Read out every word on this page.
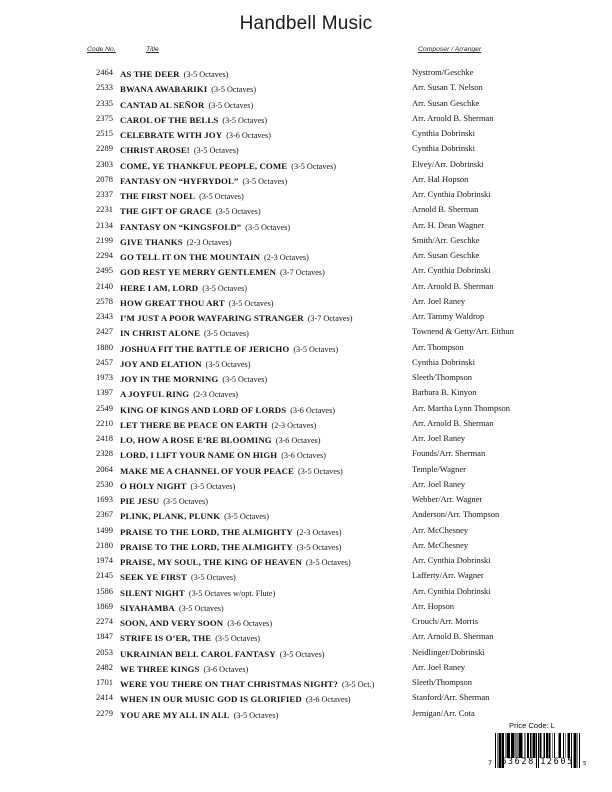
Handbell Music
Code No.	Title	Composer / Arranger
2464 AS THE DEER (3-5 Octaves)	Nystrom/Geschke
2533 BWANA AWABARIKI (3-5 Octaves)	Arr. Susan T. Nelson
2335 CANTAD AL SEÑOR (3-5 Octaves)	Arr. Susan Geschke
2375 CAROL OF THE BELLS (3-5 Octaves)	Arr. Arnold B. Sherman
2515 CELEBRATE WITH JOY (3-6 Octaves)	Cynthia Dobrinski
2289 CHRIST AROSE! (3-5 Octaves)	Cynthia Dobrinski
2303 COME, YE THANKFUL PEOPLE, COME (3-5 Octaves)	Elvey/Arr. Dobrinski
2078 FANTASY ON “HYFRYDOL” (3-5 Octaves)	Arr. Hal Hopson
2337 THE FIRST NOEL (3-5 Octaves)	Arr. Cynthia Dobrinski
2231 THE GIFT OF GRACE (3-5 Octaves)	Arnold B. Sherman
2134 FANTASY ON “KINGSFOLD” (3-5 Octaves)	Arr. H. Dean Wagner
2199 GIVE THANKS (2-3 Octaves)	Smith/Arr. Geschke
2294 GO TELL IT ON THE MOUNTAIN (2-3 Octaves)	Arr. Susan Geschke
2495 GOD REST YE MERRY GENTLEMEN (3-7 Octaves)	Arr. Cynthia Dobrinski
2140 HERE I AM, LORD (3-5 Octaves)	Arr. Arnold B. Sherman
2578 HOW GREAT THOU ART (3-5 Octaves)	Arr. Joel Raney
2343 I’M JUST A POOR WAYFARING STRANGER (3-7 Octaves)	Arr. Tammy Waldrop
2427 IN CHRIST ALONE (3-5 Octaves)	Townend & Getty/Arr. Eithun
1880 JOSHUA FIT THE BATTLE OF JERICHO (3-5 Octaves)	Arr. Thompson
2457 JOY AND ELATION (3-5 Octaves)	Cynthia Dobrinski
1973 JOY IN THE MORNING (3-5 Octaves)	Sleeth/Thompson
1397 A JOYFUL RING (2-3 Octaves)	Barbara B. Kinyon
2549 KING OF KINGS AND LORD OF LORDS (3-6 Octaves)	Arr. Martha Lynn Thompson
2210 LET THERE BE PEACE ON EARTH (2-3 Octaves)	Arr. Arnold B. Sherman
2418 LO, HOW A ROSE E’RE BLOOMING (3-6 Octaves)	Arr. Joel Raney
2328 LORD, I LIFT YOUR NAME ON HIGH (3-6 Octaves)	Founds/Arr. Sherman
2064 MAKE ME A CHANNEL OF YOUR PEACE (3-5 Octaves)	Temple/Wagner
2530 O HOLY NIGHT (3-5 Octaves)	Arr. Joel Raney
1693 PIE JESU (3-5 Octaves)	Webber/Arr. Wagner
2367 PLINK, PLANK, PLUNK (3-5 Octaves)	Anderson/Arr. Thompson
1499 PRAISE TO THE LORD, THE ALMIGHTY (2-3 Octaves)	Arr. McChesney
2180 PRAISE TO THE LORD, THE ALMIGHTY (3-5 Octaves)	Arr. McChesney
1974 PRAISE, MY SOUL, THE KING OF HEAVEN (3-5 Octaves)	Arr. Cynthia Dobrinski
2145 SEEK YE FIRST (3-5 Octaves)	Lafferty/Arr. Wagner
1586 SILENT NIGHT (3-5 Octaves w/opt. Flute)	Arr. Cynthia Dobrinski
1869 SIYAHAMBA (3-5 Octaves)	Arr. Hopson
2274 SOON, AND VERY SOON (3-6 Octaves)	Crouch/Arr. Morris
1847 STRIFE IS O’ER, THE (3-5 Octaves)	Arr. Arnold B. Sherman
2053 UKRAINIAN BELL CAROL FANTASY (3-5 Octaves)	Neidlinger/Dobrinski
2482 WE THREE KINGS (3-6 Octaves)	Arr. Joel Raney
1701 WERE YOU THERE ON THAT CHRISTMAS NIGHT? (3-5 Oct.)	Sleeth/Thompson
2414 WHEN IN OUR MUSIC GOD IS GLORIFIED (3-6 Octaves)	Stanford/Arr. Sherman
2279 YOU ARE MY ALL IN ALL (3-5 Octaves)	Jernigan/Arr. Cota
Price Code: L
7 63628 12605 5
